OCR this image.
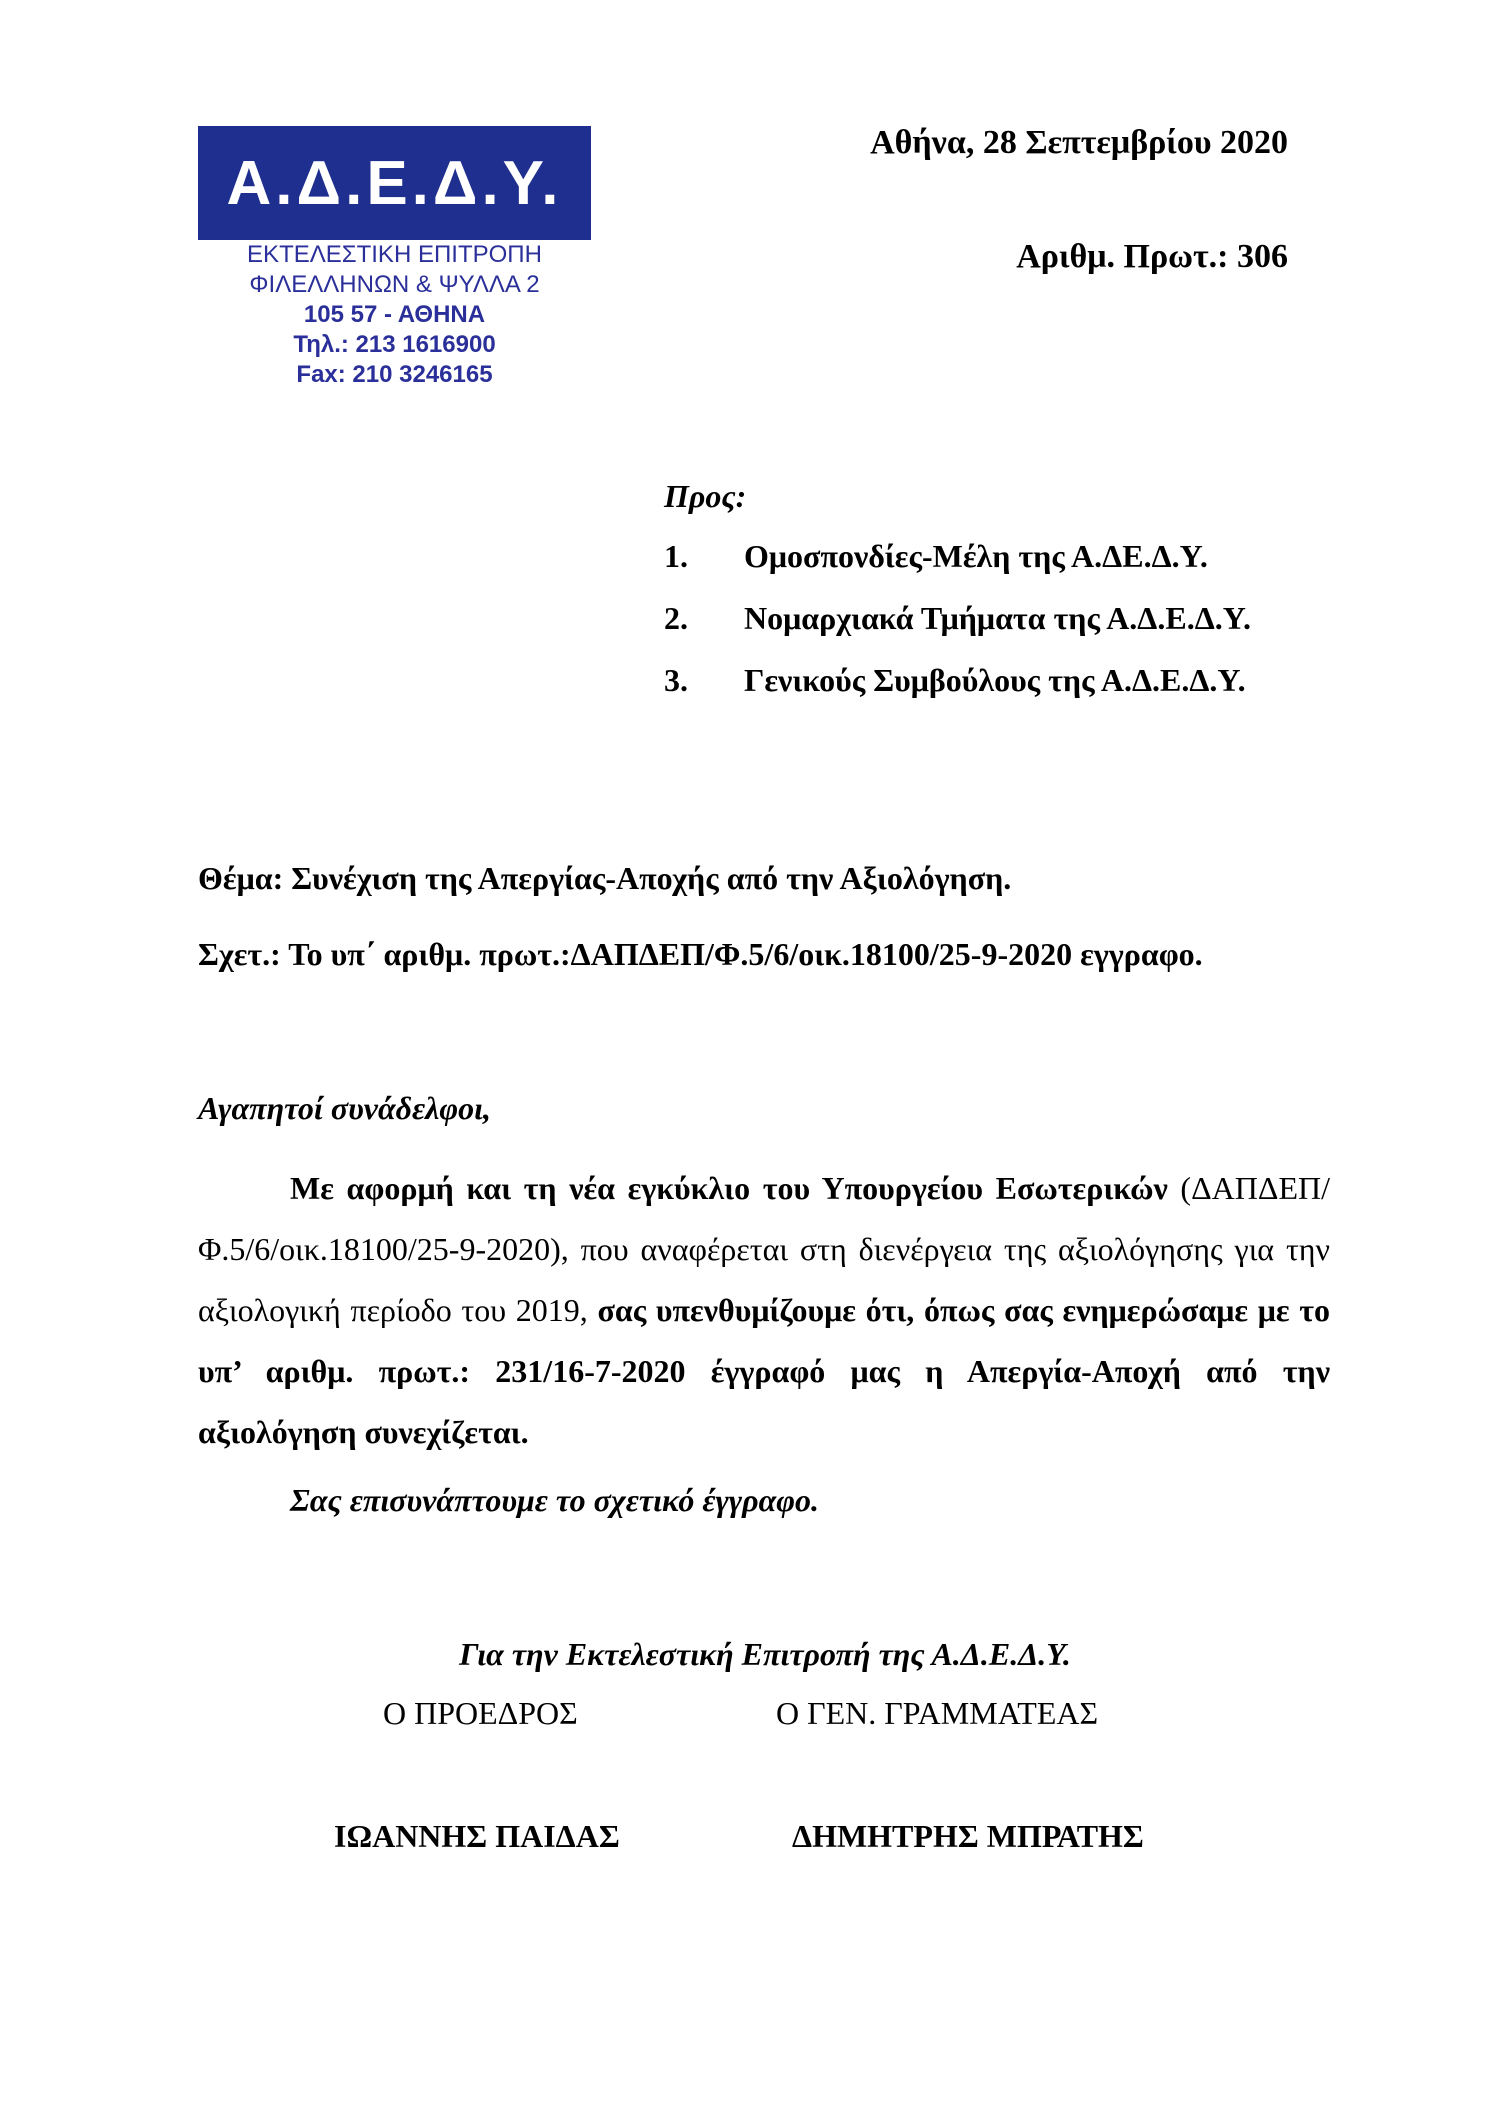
Α.Δ.Ε.Δ.Υ.
ΕΚΤΕΛΕΣΤΙΚΗ ΕΠΙΤΡΟΠΗ
ΦΙΛΕΛΛΗΝΩΝ & ΨΥΛΛΑ 2
105 57 - ΑΘΗΝΑ
Τηλ.: 213 1616900
Fax: 210 3246165
Αθήνα, 28 Σεπτεμβρίου 2020
Αριθμ. Πρωτ.: 306
Προς:
1. Ομοσπονδίες-Μέλη της Α.ΔΕ.Δ.Υ.
2. Νομαρχιακά Τμήματα της Α.Δ.Ε.Δ.Υ.
3. Γενικούς Συμβούλους της Α.Δ.Ε.Δ.Υ.
Θέμα: Συνέχιση της Απεργίας-Αποχής από την Αξιολόγηση.
Σχετ.: Το υπ΄ αριθμ. πρωτ.:ΔΑΠΔΕΠ/Φ.5/6/οικ.18100/25-9-2020 εγγραφο.
Αγαπητοί συνάδελφοι,
Με αφορμή και τη νέα εγκύκλιο του Υπουργείου Εσωτερικών (ΔΑΠΔΕΠ/Φ.5/6/οικ.18100/25-9-2020), που αναφέρεται στη διενέργεια της αξιολόγησης για την αξιολογική περίοδο του 2019, σας υπενθυμίζουμε ότι, όπως σας ενημερώσαμε με το υπ’ αριθμ. πρωτ.: 231/16-7-2020 έγγραφό μας η Απεργία-Αποχή από την αξιολόγηση συνεχίζεται.
Σας επισυνάπτουμε το σχετικό έγγραφο.
Για την Εκτελεστική Επιτροπή της Α.Δ.Ε.Δ.Υ.
Ο ΠΡΟΕΔΡΟΣ	Ο ΓΕΝ. ΓΡΑΜΜΑΤΕΑΣ
ΙΩΑΝΝΗΣ ΠΑΙΔΑΣ	ΔΗΜΗΤΡΗΣ ΜΠΡΑΤΗΣ
